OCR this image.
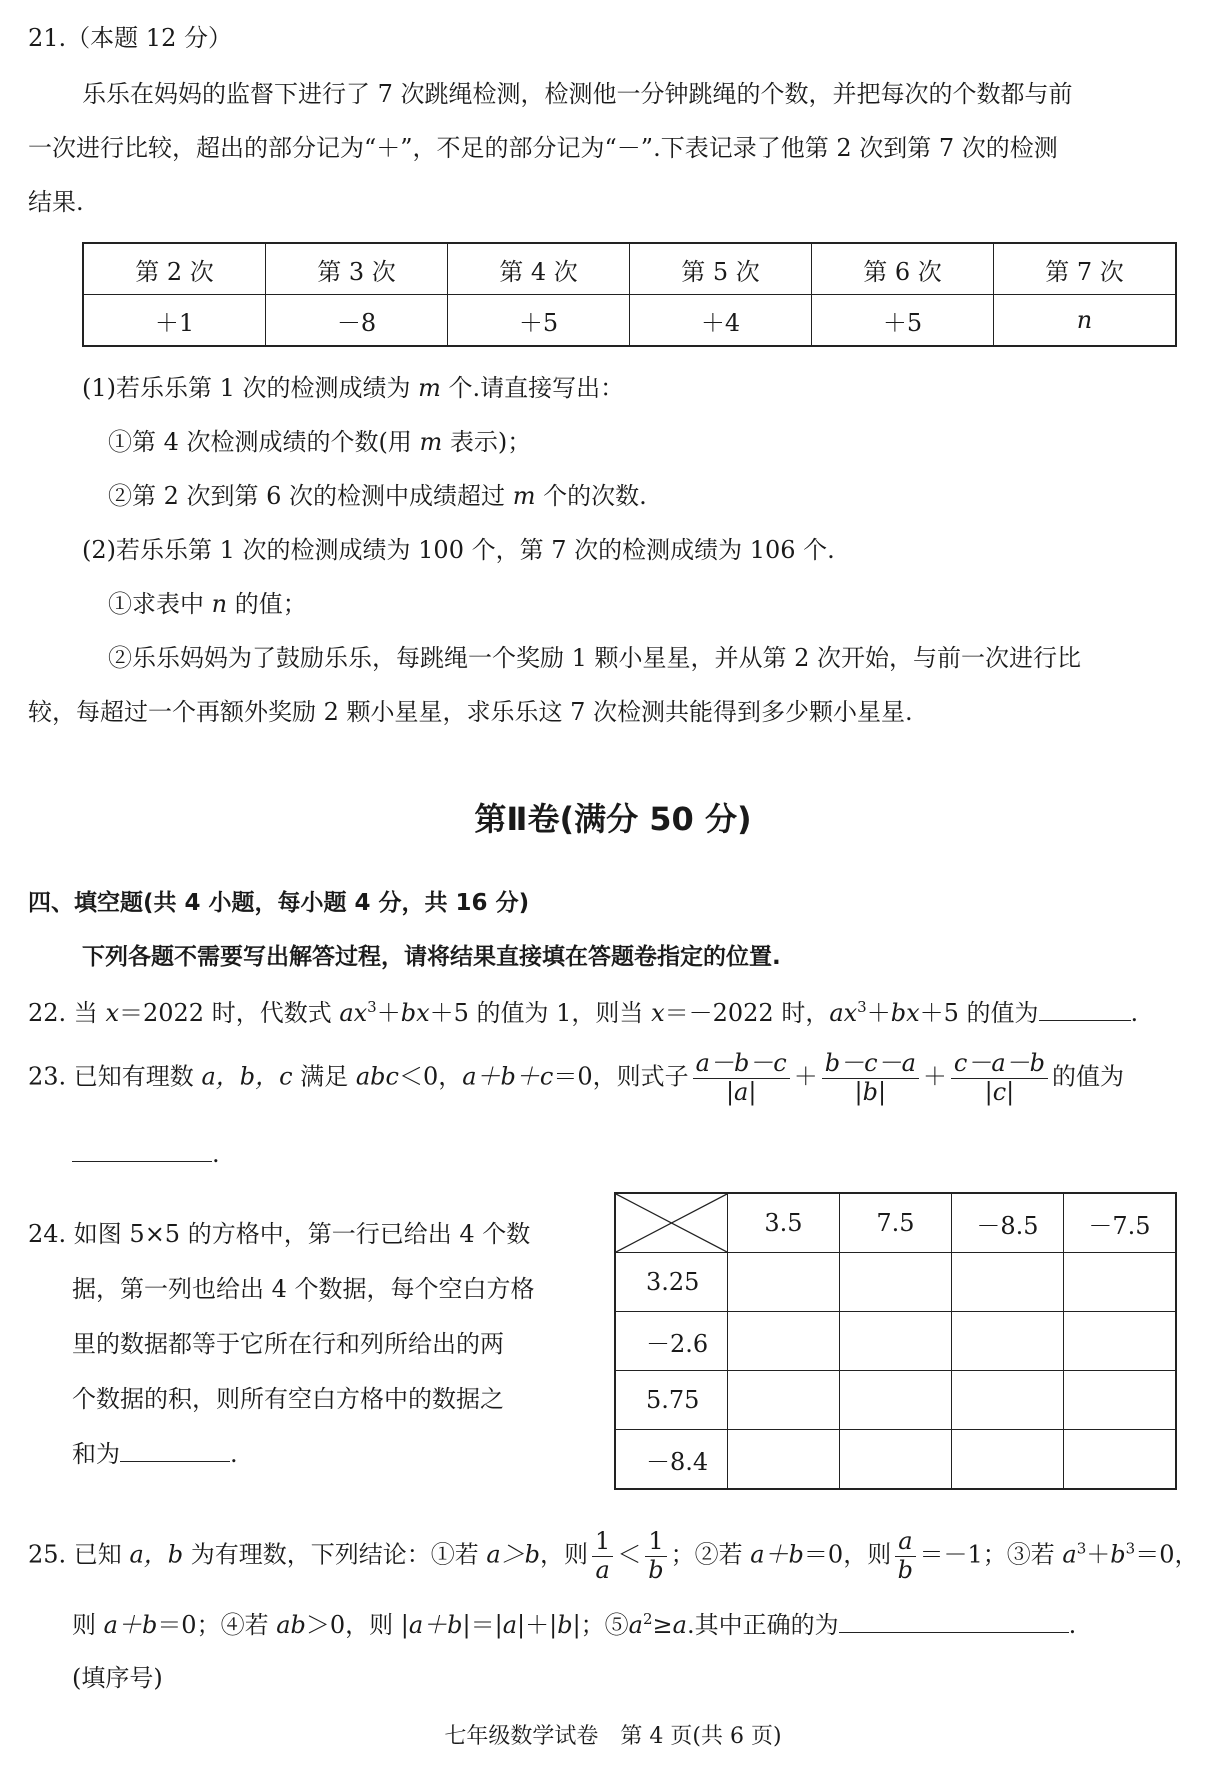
21.（本题 12 分）
乐乐在妈妈的监督下进行了 7 次跳绳检测，检测他一分钟跳绳的个数，并把每次的个数都与前
一次进行比较，超出的部分记为“＋”，不足的部分记为“－”.下表记录了他第 2 次到第 7 次的检测
结果.
第 2 次	第 3 次	第 4 次	第 5 次	第 6 次	第 7 次
＋1	－8	＋5	＋4	＋5	n
(1)若乐乐第 1 次的检测成绩为 m 个.请直接写出：
①第 4 次检测成绩的个数(用 m 表示)；
②第 2 次到第 6 次的检测中成绩超过 m 个的次数.
(2)若乐乐第 1 次的检测成绩为 100 个，第 7 次的检测成绩为 106 个.
①求表中 n 的值；
②乐乐妈妈为了鼓励乐乐，每跳绳一个奖励 1 颗小星星，并从第 2 次开始，与前一次进行比
较，每超过一个再额外奖励 2 颗小星星，求乐乐这 7 次检测共能得到多少颗小星星.
第Ⅱ卷(满分 50 分)
四、填空题(共 4 小题，每小题 4 分，共 16 分)
下列各题不需要写出解答过程，请将结果直接填在答题卷指定的位置.
22. 当 x＝2022 时，代数式 $ax^3+bx+5$ 的值为 1，则当 x＝－2022 时，$ax^3+bx+5$ 的值为	.
23. 已知有理数 a，b，c 满足 abc＜0，a＋b＋c＝0，则式子 $\frac{a-b-c}{|a|} + \frac{b-c-a}{|b|} + \frac{c-a-b}{|c|}$ 的值为
.
24. 如图 5×5 的方格中，第一行已给出 4 个数
据，第一列也给出 4 个数据，每个空白方格
里的数据都等于它所在行和列所给出的两
个数据的积，则所有空白方格中的数据之
和为	.
	3.5	7.5	－8.5	－7.5
3.25				
－2.6				
5.75				
－8.4				
25. 已知 a，b 为有理数，下列结论：①若 a＞b，则 $\frac{1}{a} < \frac{1}{b}$ ；②若 a＋b＝0，则 $\frac{a}{b} =-1$；③若 $a^3+b^3=0$，
则 a＋b＝0；④若 ab＞0，则 |a＋b|＝|a|＋|b|；$⑤a^2\ge a$.其中正确的为	.
(填序号)
七年级数学试卷　第 4 页(共 6 页)
